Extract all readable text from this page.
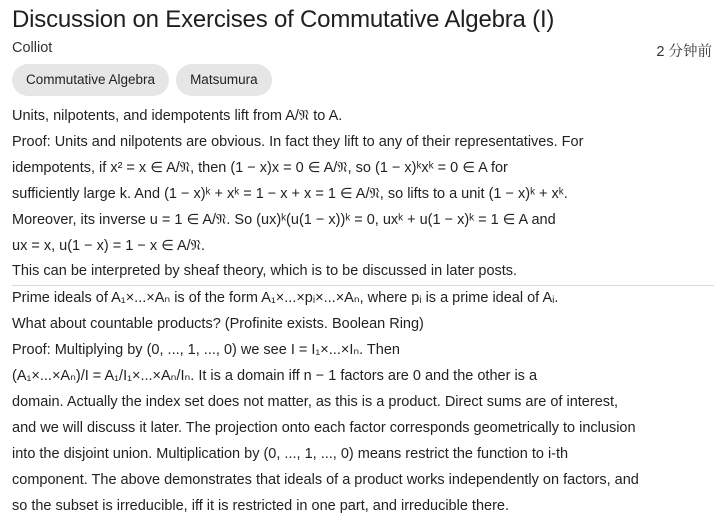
Discussion on Exercises of Commutative Algebra (I)
Colliot	2 分钟前
Commutative Algebra	Matsumura

Units, nilpotents, and idempotents lift from A/𝔑 to A.

Proof: Units and nilpotents are obvious. In fact they lift to any of their representatives. For

idempotents, if x² = x ∈ A/𝔑, then (1 − x)x = 0 ∈ A/𝔑, so (1 − x)ᵏxᵏ = 0 ∈ A for

sufficiently large k. And (1 − x)ᵏ + xᵏ = 1 − x + x = 1 ∈ A/𝔑, so lifts to a unit (1 − x)ᵏ + xᵏ.

Moreover, its inverse u = 1 ∈ A/𝔑. So (ux)ᵏ(u(1 − x))ᵏ = 0, uxᵏ + u(1 − x)ᵏ = 1 ∈ A and

ux = x, u(1 − x) = 1 − x ∈ A/𝔑.

This can be interpreted by sheaf theory, which is to be discussed in later posts.

Prime ideals of A₁×...×Aₙ is of the form A₁×...×pᵢ×...×Aₙ, where pᵢ is a prime ideal of Aᵢ.

What about countable products? (Profinite exists. Boolean Ring)

Proof: Multiplying by (0, ..., 1, ..., 0) we see I = I₁×...×Iₙ. Then

(A₁×...×Aₙ)/I = A₁/I₁×...×Aₙ/Iₙ. It is a domain iff n − 1 factors are 0 and the other is a

domain. Actually the index set does not matter, as this is a product. Direct sums are of interest,

and we will discuss it later. The projection onto each factor corresponds geometrically to inclusion

into the disjoint union. Multiplication by (0, ..., 1, ..., 0) means restrict the function to i-th

component. The above demonstrates that ideals of a product works independently on factors, and

so the subset is irreducible, iff it is restricted in one part, and irreducible there.
